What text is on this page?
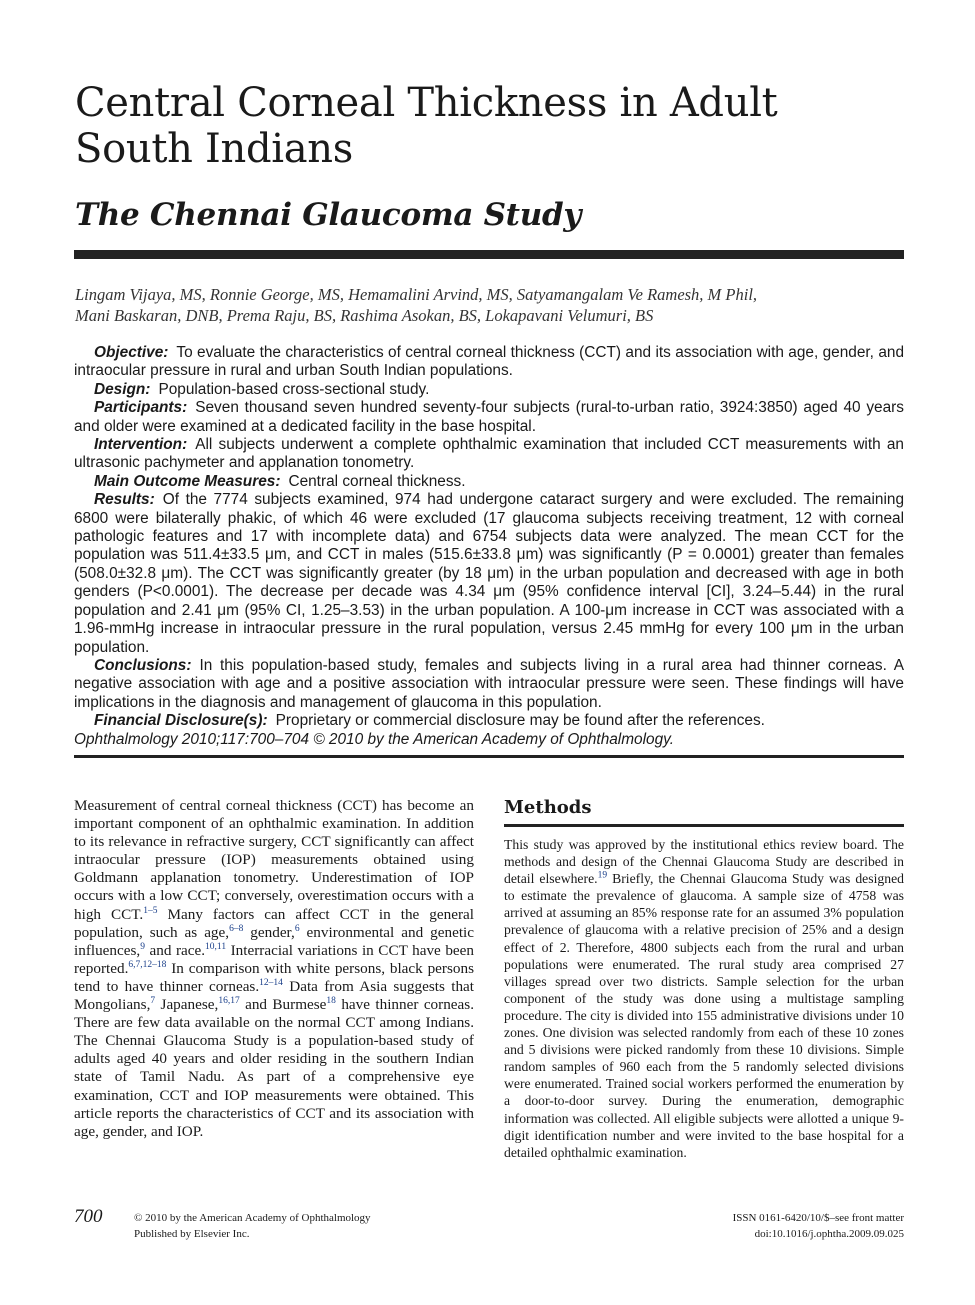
Central Corneal Thickness in Adult South Indians
The Chennai Glaucoma Study
Lingam Vijaya, MS, Ronnie George, MS, Hemamalini Arvind, MS, Satyamangalam Ve Ramesh, M Phil,
Mani Baskaran, DNB, Prema Raju, BS, Rashima Asokan, BS, Lokapavani Velumuri, BS

Objective: To evaluate the characteristics of central corneal thickness (CCT) and its association with age, gender, and intraocular pressure in rural and urban South Indian populations.

Design: Population-based cross-sectional study.

Participants: Seven thousand seven hundred seventy-four subjects (rural-to-urban ratio, 3924:3850) aged 40 years and older were examined at a dedicated facility in the base hospital.

Intervention: All subjects underwent a complete ophthalmic examination that included CCT measurements with an ultrasonic pachymeter and applanation tonometry.

Main Outcome Measures: Central corneal thickness.

Results: Of the 7774 subjects examined, 974 had undergone cataract surgery and were excluded. The remaining 6800 were bilaterally phakic, of which 46 were excluded (17 glaucoma subjects receiving treatment, 12 with corneal pathologic features and 17 with incomplete data) and 6754 subjects data were analyzed. The mean CCT for the population was 511.4±33.5 μm, and CCT in males (515.6±33.8 μm) was significantly (P = 0.0001) greater than females (508.0±32.8 μm). The CCT was significantly greater (by 18 μm) in the urban population and decreased with age in both genders (P<0.0001). The decrease per decade was 4.34 μm (95% confidence interval [CI], 3.24–5.44) in the rural population and 2.41 μm (95% CI, 1.25–3.53) in the urban population. A 100-μm increase in CCT was associated with a 1.96-mmHg increase in intraocular pressure in the rural population, versus 2.45 mmHg for every 100 μm in the urban population.

Conclusions: In this population-based study, females and subjects living in a rural area had thinner corneas. A negative association with age and a positive association with intraocular pressure were seen. These findings will have implications in the diagnosis and management of glaucoma in this population.

Financial Disclosure(s): Proprietary or commercial disclosure may be found after the references.
Ophthalmology 2010;117:700–704 © 2010 by the American Academy of Ophthalmology.

Measurement of central corneal thickness (CCT) has become an important component of an ophthalmic examination. In addition to its relevance in refractive surgery, CCT significantly can affect intraocular pressure (IOP) measurements obtained using Goldmann applanation tonometry. Underestimation of IOP occurs with a low CCT; conversely, overestimation occurs with a high CCT.$^{1-5}$ Many factors can affect CCT in the general population, such as age,$^{6-8}$ gender,$^6$ environmental and genetic influences,$^9$ and race.$^{10,11}$ Interracial variations in CCT have been reported.$^{6,7,12-18}$ In comparison with white persons, black persons tend to have thinner corneas.$^{12-14}$ Data from Asia suggests that Mongolians,$^7$ Japanese,$^{16,17}$ and Burmese$^{18}$ have thinner corneas. There are few data available on the normal CCT among Indians. The Chennai Glaucoma Study is a population-based study of adults aged 40 years and older residing in the southern Indian state of Tamil Nadu. As part of a comprehensive eye examination, CCT and IOP measurements were obtained. This article reports the characteristics of CCT and its association with age, gender, and IOP.

Methods

This study was approved by the institutional ethics review board. The methods and design of the Chennai Glaucoma Study are described in detail elsewhere.$^{19}$ Briefly, the Chennai Glaucoma Study was designed to estimate the prevalence of glaucoma. A sample size of 4758 was arrived at assuming an 85% response rate for an assumed 3% population prevalence of glaucoma with a relative precision of 25% and a design effect of 2. Therefore, 4800 subjects each from the rural and urban populations were enumerated. The rural study area comprised 27 villages spread over two districts. Sample selection for the urban component of the study was done using a multistage sampling procedure. The city is divided into 155 administrative divisions under 10 zones. One division was selected randomly from each of these 10 zones and 5 divisions were picked randomly from these 10 divisions. Simple random samples of 960 each from the 5 randomly selected divisions were enumerated. Trained social workers performed the enumeration by a door-to-door survey. During the enumeration, demographic information was collected. All eligible subjects were allotted a unique 9-digit identification number and were invited to the base hospital for a detailed ophthalmic examination.

700	© 2010 by the American Academy of Ophthalmology
Published by Elsevier Inc.
ISSN 0161-6420/10/$–see front matter
doi:10.1016/j.ophtha.2009.09.025
